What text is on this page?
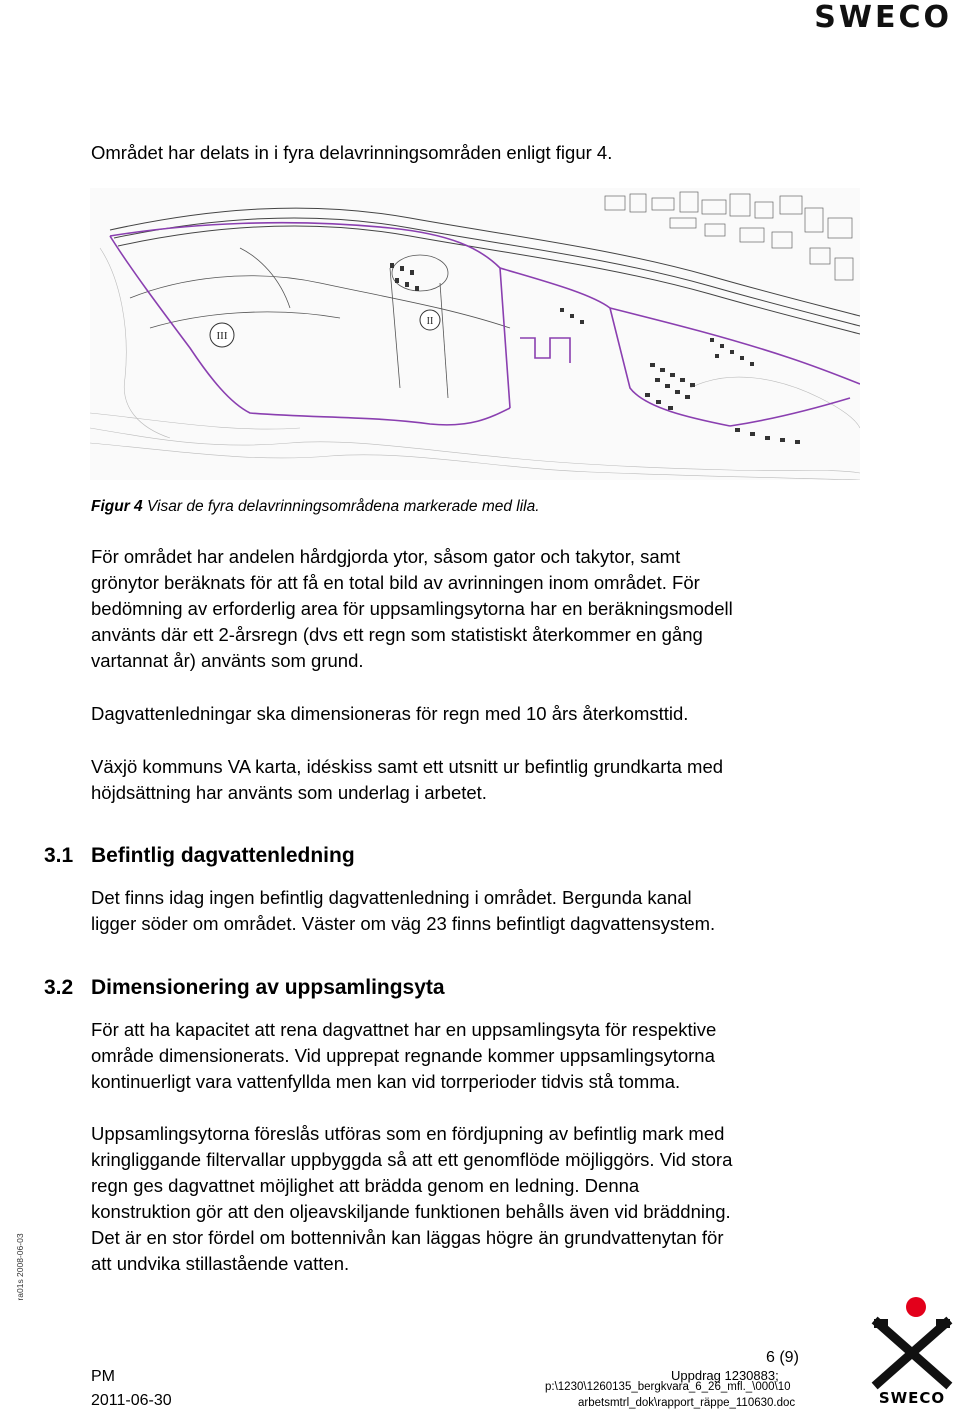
SWECO
Området har delats in i fyra delavrinningsområden enligt figur 4.
III
II
Figur 4 Visar de fyra delavrinningsområdena markerade med lila.
För området har andelen hårdgjorda ytor, såsom gator och takytor, samt
grönytor beräknats för att få en total bild av avrinningen inom området. För
bedömning av erforderlig area för uppsamlingsytorna har en beräkningsmodell
använts där ett 2-årsregn (dvs ett regn som statistiskt återkommer en gång
vartannat år) använts som grund.
Dagvattenledningar ska dimensioneras för regn med 10 års återkomsttid.
Växjö kommuns VA karta, idéskiss samt ett utsnitt ur befintlig grundkarta med
höjdsättning har använts som underlag i arbetet.
3.1 Befintlig dagvattenledning
Det finns idag ingen befintlig dagvattenledning i området. Bergunda kanal
ligger söder om området. Väster om väg 23 finns befintligt dagvattensystem.
3.2 Dimensionering av uppsamlingsyta
För att ha kapacitet att rena dagvattnet har en uppsamlingsyta för respektive
område dimensionerats. Vid upprepat regnande kommer uppsamlingsytorna
kontinuerligt vara vattenfyllda men kan vid torrperioder tidvis stå tomma.
Uppsamlingsytorna föreslås utföras som en fördjupning av befintlig mark med
kringliggande filtervallar uppbyggda så att ett genomflöde möjliggörs. Vid stora
regn ges dagvattnet möjlighet att brädda genom en ledning. Denna
konstruktion gör att den oljeavskiljande funktionen behålls även vid bräddning.
Det är en stor fördel om bottennivån kan läggas högre än grundvattenytan för
att undvika stillastående vatten.
ra01s 2008-06-03
6 (9)
PM
2011-06-30
Uppdrag 1230883;
p:\1230\1260135_bergkvara_6_26_mfl._\000\10
arbetsmtrl_dok\rapport_räppe_110630.doc	SWECO
